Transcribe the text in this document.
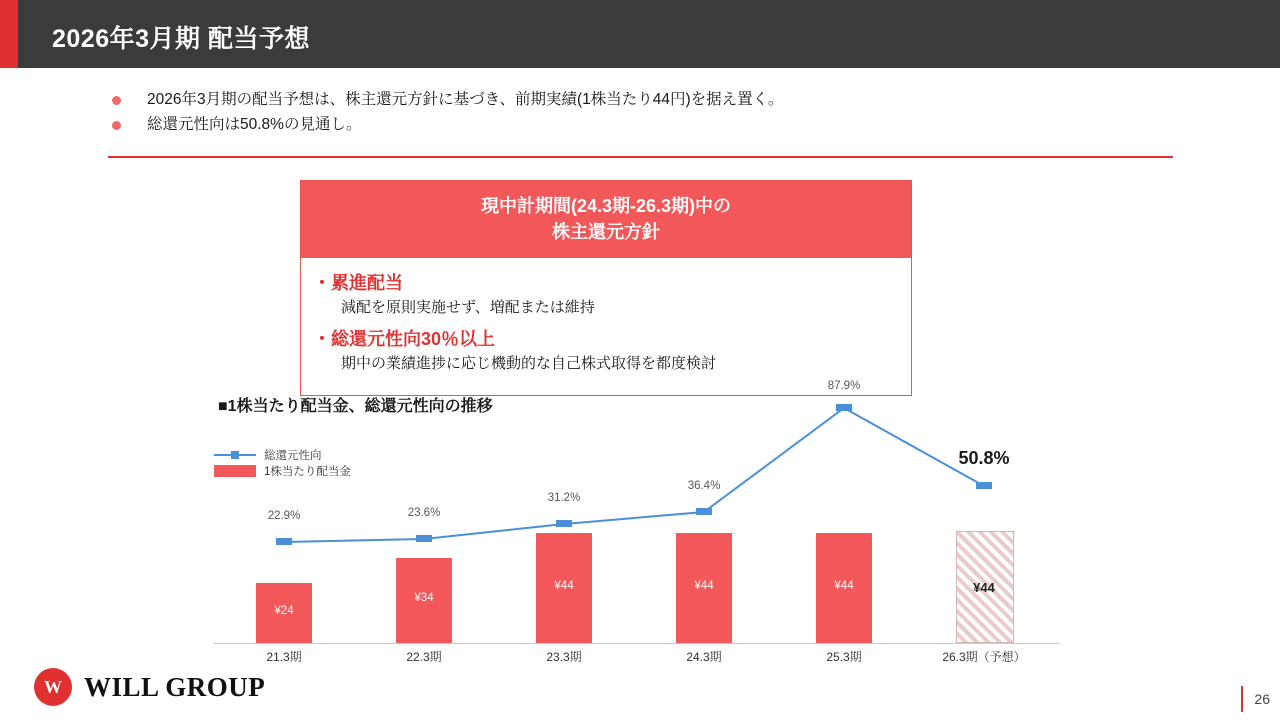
2026年3月期 配当予想
2026年3月期の配当予想は、株主還元方針に基づき、前期実績(1株当たり44円)を据え置く。
総還元性向は50.8%の見通し。
現中計期間(24.3期-26.3期)中の
株主還元方針
・累進配当
減配を原則実施せず、増配または維持
・総還元性向30％以上
期中の業績進捗に応じ機動的な自己株式取得を都度検討
■1株当たり配当金、総還元性向の推移
総還元性向
1株当たり配当金
¥24
¥34
¥44	¥44	¥44	¥44
22.9%	23.6%
31.2%
36.4%
87.9%
50.8%
21.3期	22.3期	23.3期	24.3期	25.3期	26.3期（予想）
W
WILL GROUP	26
